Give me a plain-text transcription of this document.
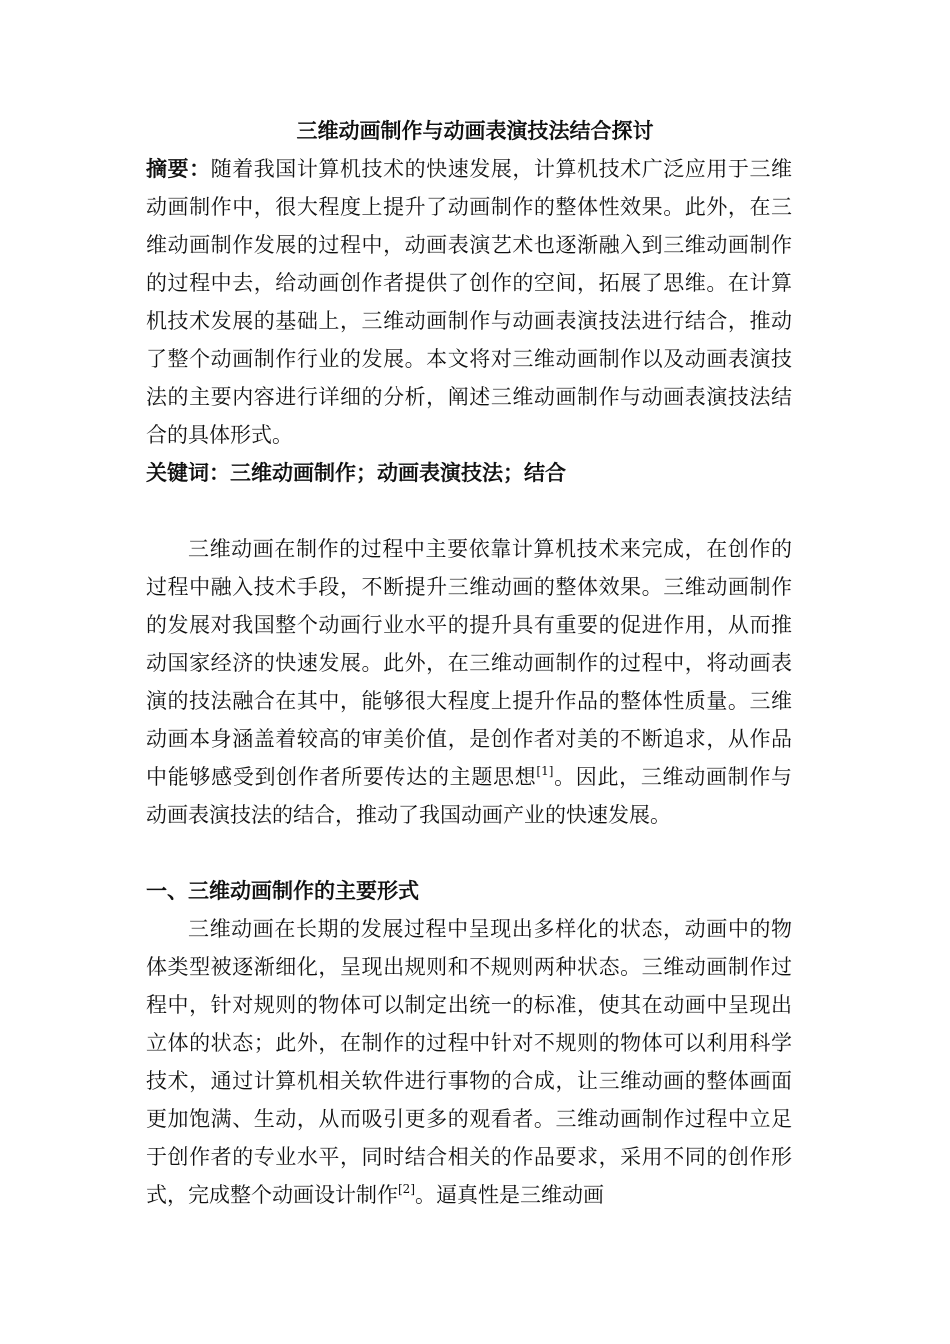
三维动画制作与动画表演技法结合探讨

摘要：随着我国计算机技术的快速发展，计算机技术广泛应用于三维动画制作中，很大程度上提升了动画制作的整体性效果。此外，在三维动画制作发展的过程中，动画表演艺术也逐渐融入到三维动画制作的过程中去，给动画创作者提供了创作的空间，拓展了思维。在计算机技术发展的基础上，三维动画制作与动画表演技法进行结合，推动了整个动画制作行业的发展。本文将对三维动画制作以及动画表演技法的主要内容进行详细的分析，阐述三维动画制作与动画表演技法结合的具体形式。

关键词：三维动画制作；动画表演技法；结合

三维动画在制作的过程中主要依靠计算机技术来完成，在创作的过程中融入技术手段，不断提升三维动画的整体效果。三维动画制作的发展对我国整个动画行业水平的提升具有重要的促进作用，从而推动国家经济的快速发展。此外，在三维动画制作的过程中，将动画表演的技法融合在其中，能够很大程度上提升作品的整体性质量。三维动画本身涵盖着较高的审美价值，是创作者对美的不断追求，从作品中能够感受到创作者所要传达的主题思想[1]。因此，三维动画制作与动画表演技法的结合，推动了我国动画产业的快速发展。

一、三维动画制作的主要形式

三维动画在长期的发展过程中呈现出多样化的状态，动画中的物体类型被逐渐细化，呈现出规则和不规则两种状态。三维动画制作过程中，针对规则的物体可以制定出统一的标准，使其在动画中呈现出立体的状态；此外，在制作的过程中针对不规则的物体可以利用科学技术，通过计算机相关软件进行事物的合成，让三维动画的整体画面更加饱满、生动，从而吸引更多的观看者。三维动画制作过程中立足于创作者的专业水平，同时结合相关的作品要求，采用不同的创作形式，完成整个动画设计制作[2]。逼真性是三维动画
